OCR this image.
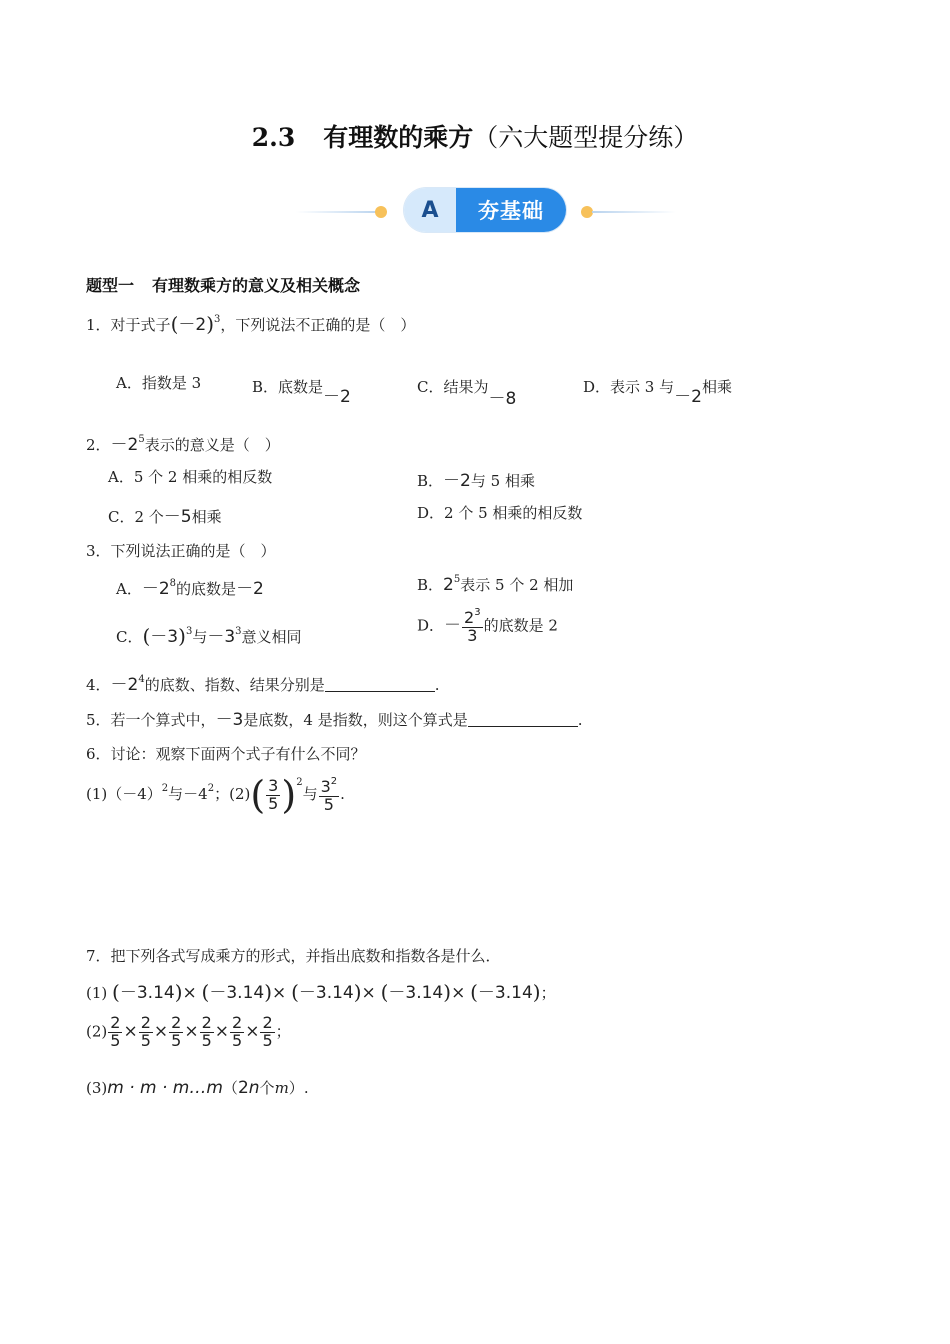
2.3 有理数的乘方（六大题型提分练）
A	夯基础
题型一 有理数乘方的意义及相关概念
1．对于式子$(-2)^3$，下列说法不正确的是（　）
A．指数是 3	B．底数是－2	C．结果为－8
D．表示 3 与－2相乘
2．$-2^5$表示的意义是（　）
A．5 个 2 相乘的相反数	B．－2与 5 相乘
C．2 个－5相乘	D．2 个 5 相乘的相反数
3．下列说法正确的是（　）
A．$-2^8$的底数是－2	B．$2^5$表示 5 个 2 相加
C．$(-3)^3$与$-3^3$意义相同
D．－ $\frac{2^3}{3}$ 的底数是 2
4．$-2^4$的底数、指数、结果分别是	.
5．若一个算式中，－3是底数，4 是指数，则这个算式是	.
6．讨论：观察下面两个式子有什么不同？
$(1)(-4)^2$与$-4^2$；$(2)( \frac{3}{5} )^2$与 $\frac{3^2}{5}$ .
7．把下列各式写成乘方的形式，并指出底数和指数各是什么．
(1) (－3.14)× (－3.14)× (－3.14)× (－3.14)× (－3.14)；
$(2) \frac{2}{5} \times \frac{2}{5} \times \frac{2}{5} \times \frac{2}{5} \times \frac{2}{5} \times \frac{2}{5}$ ；
(3)m · m · m…m（2n个m）.
